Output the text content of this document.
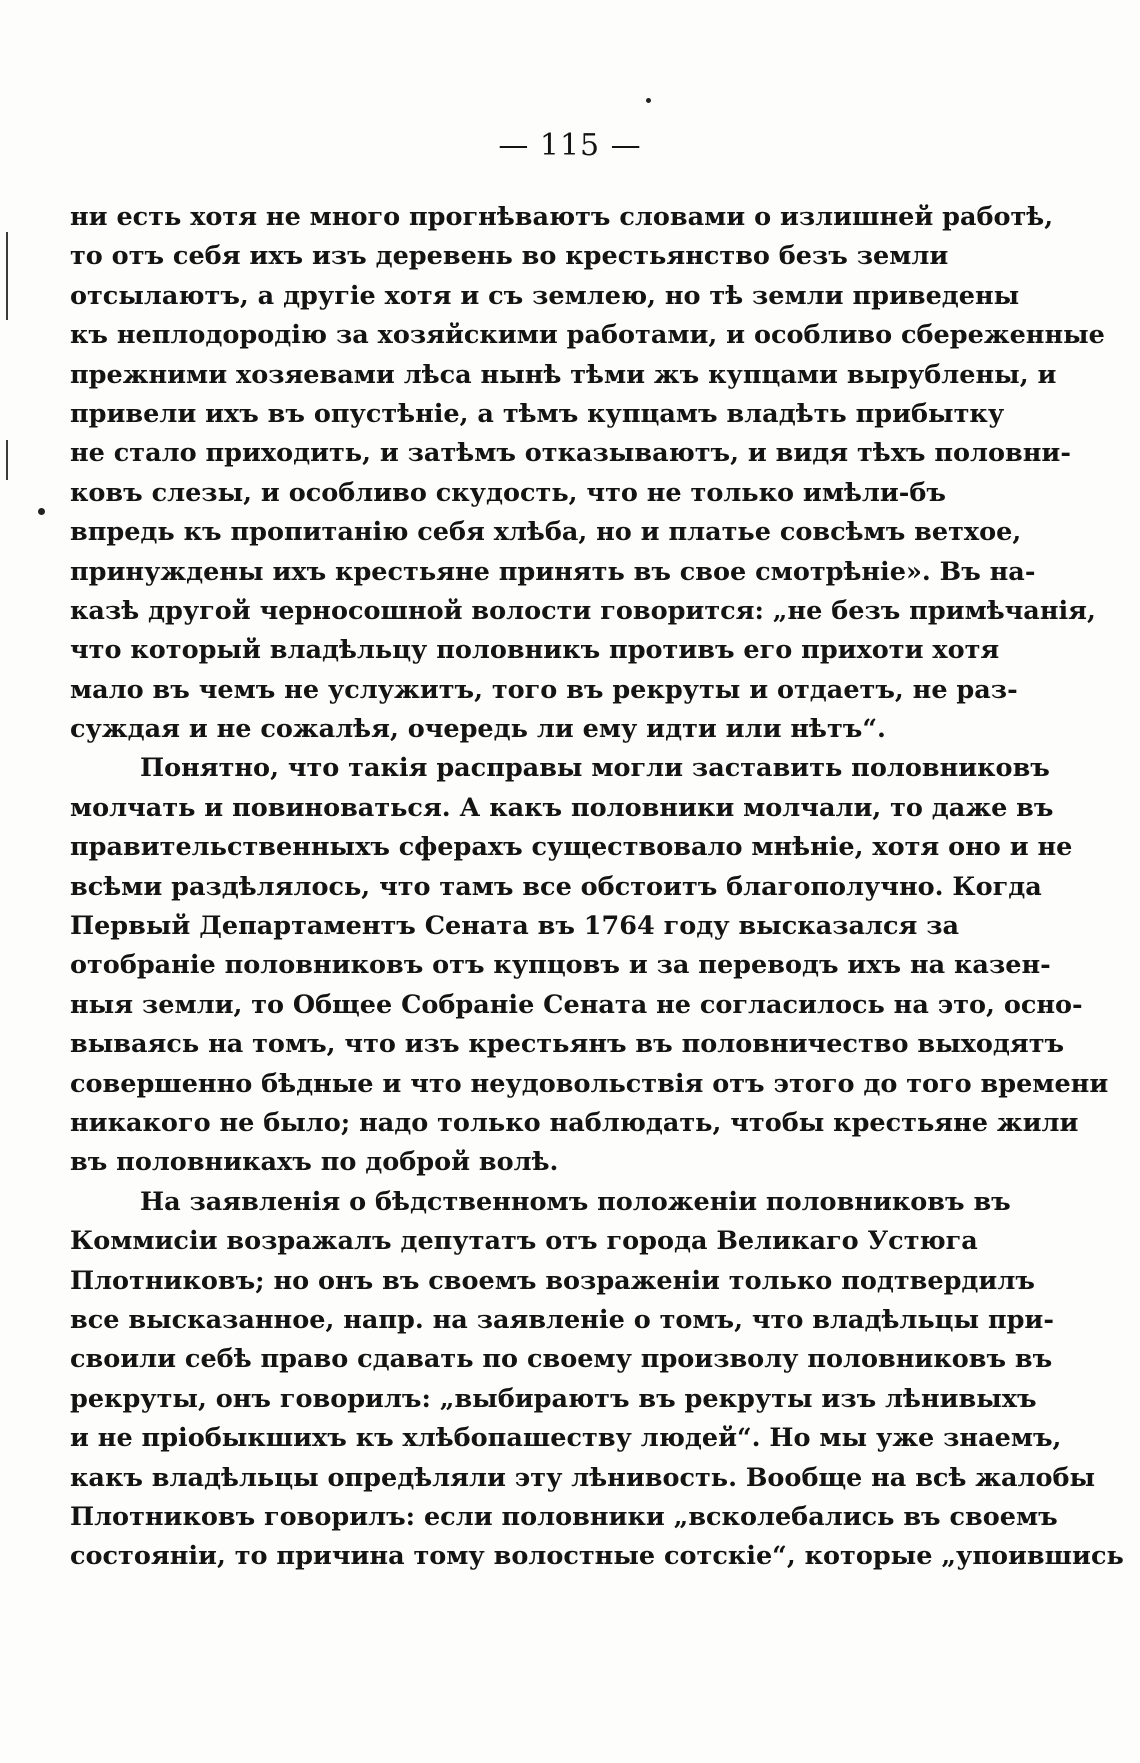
— 115 —
ни есть хотя не много прогнѣваютъ словами о излишней работѣ,
то отъ себя ихъ изъ деревень во крестьянство безъ земли
отсылаютъ, а другіе хотя и съ землею, но тѣ земли приведены
къ неплодородію за хозяйскими работами, и особливо сбереженные
прежними хозяевами лѣса нынѣ тѣми жъ купцами вырублены, и
привели ихъ въ опустѣніе, а тѣмъ купцамъ владѣть прибытку
не стало приходить, и затѣмъ отказываютъ, и видя тѣхъ половни-
ковъ слезы, и особливо скудость, что не только имѣли-бъ
впредь къ пропитанію себя хлѣба, но и платье совсѣмъ ветхое,
принуждены ихъ крестьяне принять въ свое смотрѣніе». Въ на-
казѣ другой черносошной волости говорится: „не безъ примѣчанія,
что который владѣльцу половникъ противъ его прихоти хотя
мало въ чемъ не услужитъ, того въ рекруты и отдаетъ, не раз-
суждая и не сожалѣя, очередь ли ему идти или нѣтъ“.
Понятно, что такія расправы могли заставить половниковъ
молчать и повиноваться. А какъ половники молчали, то даже въ
правительственныхъ сферахъ существовало мнѣніе, хотя оно и не
всѣми раздѣлялось, что тамъ все обстоитъ благополучно. Когда
Первый Департаментъ Сената въ 1764 году высказался за
отобраніе половниковъ отъ купцовъ и за переводъ ихъ на казен-
ныя земли, то Общее Собраніе Сената не согласилось на это, осно-
вываясь на томъ, что изъ крестьянъ въ половничество выходятъ
совершенно бѣдные и что неудовольствія отъ этого до того времени
никакого не было; надо только наблюдать, чтобы крестьяне жили
въ половникахъ по доброй волѣ.
На заявленія о бѣдственномъ положеніи половниковъ въ
Коммисіи возражалъ депутатъ отъ города Великаго Устюга
Плотниковъ; но онъ въ своемъ возраженіи только подтвердилъ
все высказанное, напр. на заявленіе о томъ, что владѣльцы при-
своили себѣ право сдавать по своему произволу половниковъ въ
рекруты, онъ говорилъ: „выбираютъ въ рекруты изъ лѣнивыхъ
и не пріобыкшихъ къ хлѣбопашеству людей“. Но мы уже знаемъ,
какъ владѣльцы опредѣляли эту лѣнивость. Вообще на всѣ жалобы
Плотниковъ говорилъ: если половники „всколебались въ своемъ
состояніи, то причина тому волостные сотскіе“, которые „упоившись
